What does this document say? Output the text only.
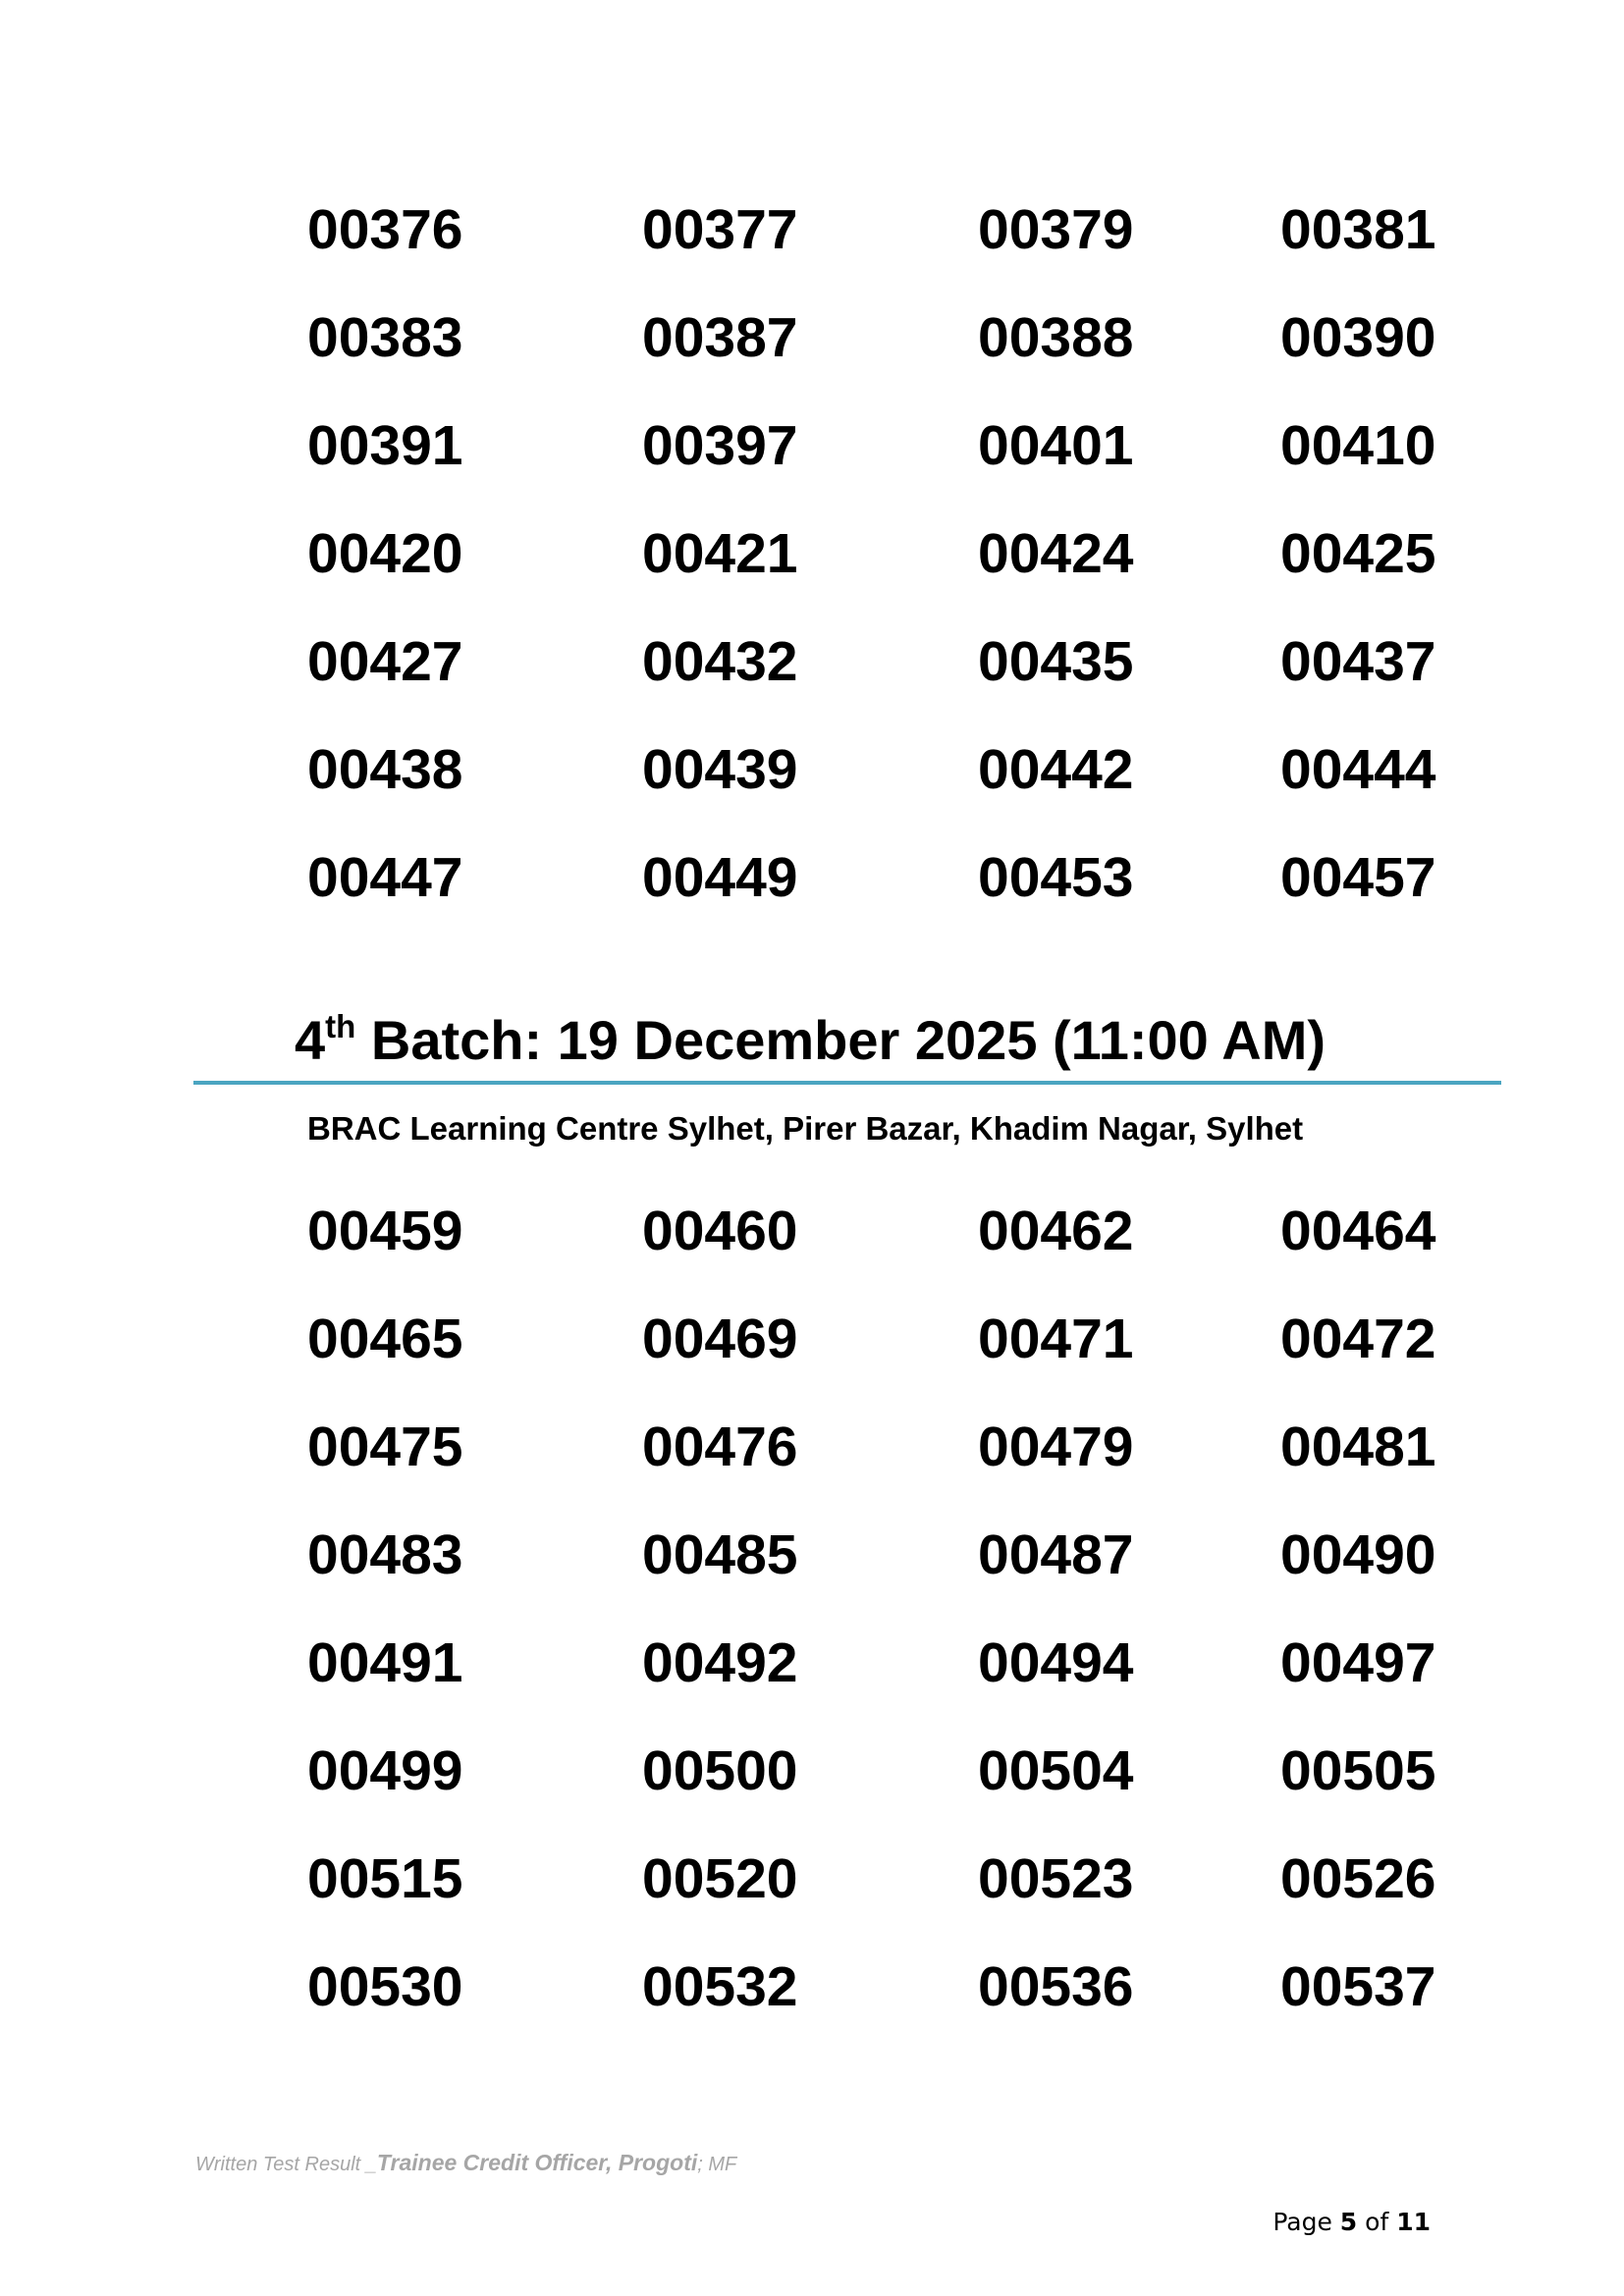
00376	00377	00379	00381
00383	00387	00388	00390
00391	00397	00401	00410
00420	00421	00424	00425
00427	00432	00435	00437
00438	00439	00442	00444
00447	00449	00453	00457
4th Batch: 19 December 2025 (11:00 AM)
BRAC Learning Centre Sylhet, Pirer Bazar, Khadim Nagar, Sylhet
00459	00460	00462	00464
00465	00469	00471	00472
00475	00476	00479	00481
00483	00485	00487	00490
00491	00492	00494	00497
00499	00500	00504	00505
00515	00520	00523	00526
00530	00532	00536	00537
Written Test Result _Trainee Credit Officer, Progoti; MF
Page 5 of 11
